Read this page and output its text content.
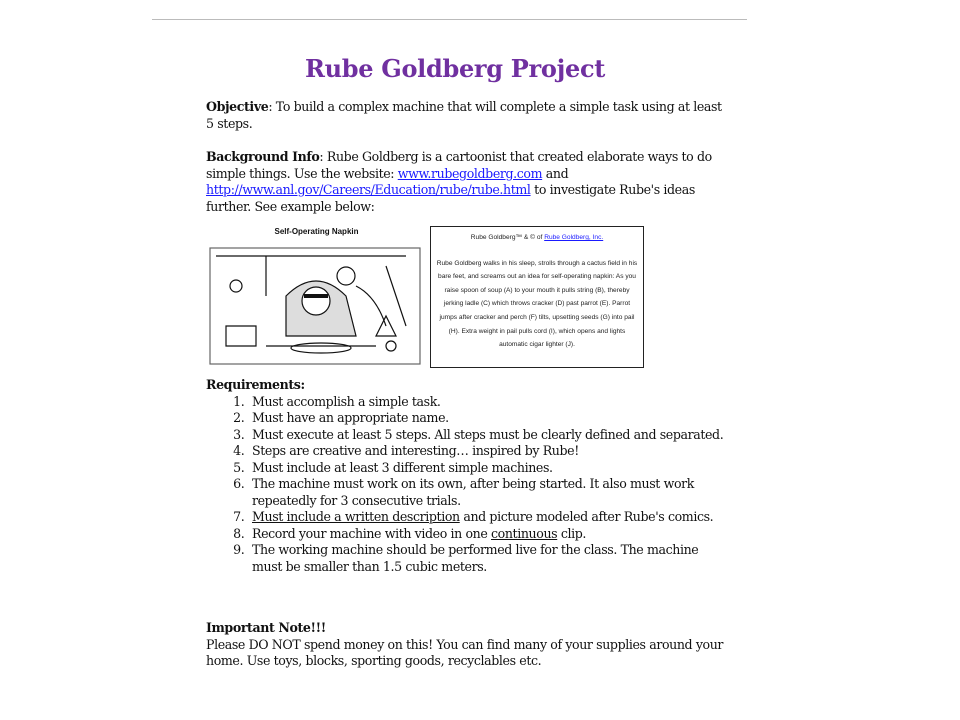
Rube Goldberg Project
Objective: To build a complex machine that will complete a simple task using at least 5 steps.
Background Info: Rube Goldberg is a cartoonist that created elaborate ways to do simple things. Use the website: www.rubegoldberg.com and http://www.anl.gov/Careers/Education/rube/rube.html to investigate Rube's ideas further. See example below:
Self-Operating Napkin
Rube Goldberg™ & © of Rube Goldberg, Inc.
Rube Goldberg walks in his sleep, strolls through a cactus field in his bare feet, and screams out an idea for self-operating napkin: As you raise spoon of soup (A) to your mouth it pulls string (B), thereby jerking ladle (C) which throws cracker (D) past parrot (E). Parrot jumps after cracker and perch (F) tilts, upsetting seeds (G) into pail (H). Extra weight in pail pulls cord (I), which opens and lights automatic cigar lighter (J).
Requirements:
1. Must accomplish a simple task.
2. Must have an appropriate name.
3. Must execute at least 5 steps. All steps must be clearly defined and separated.
4. Steps are creative and interesting… inspired by Rube!
5. Must include at least 3 different simple machines.
6. The machine must work on its own, after being started. It also must work repeatedly for 3 consecutive trials.
7. Must include a written description and picture modeled after Rube's comics.
8. Record your machine with video in one continuous clip.
9. The working machine should be performed live for the class. The machine must be smaller than 1.5 cubic meters.
Important Note!!!
Please DO NOT spend money on this! You can find many of your supplies around your home. Use toys, blocks, sporting goods, recyclables etc.
